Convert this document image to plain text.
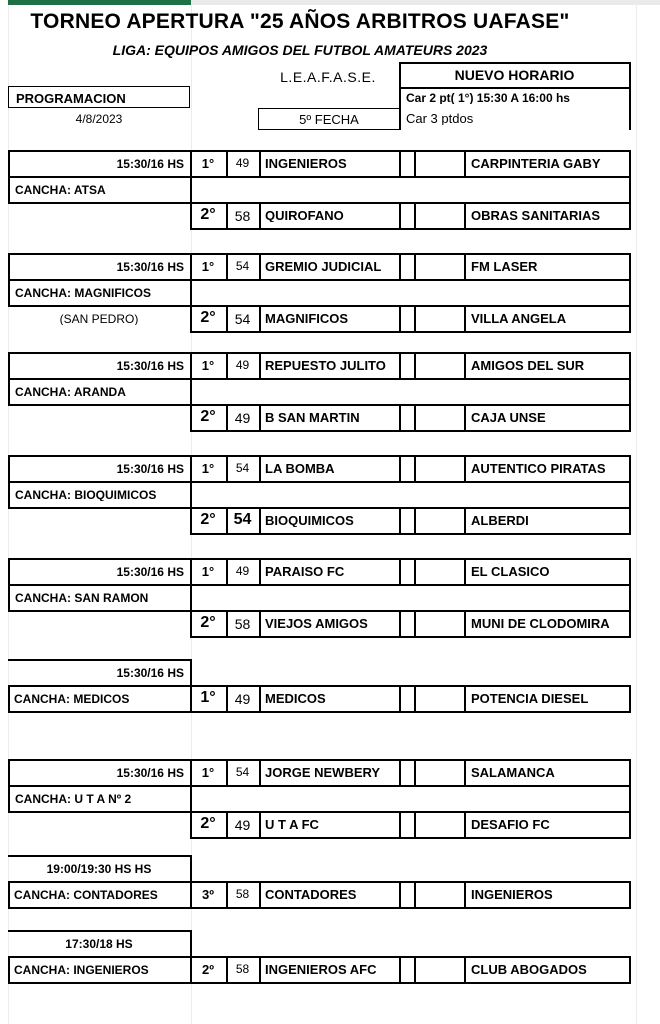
TORNEO APERTURA "25 AÑOS ARBITROS UAFASE"
LIGA: EQUIPOS AMIGOS DEL FUTBOL AMATEURS 2023
L.E.A.F.A.S.E.	NUEVO HORARIO
Car 2 pt( 1°) 15:30 A 16:00 hs
Car 3 ptdos
PROGRAMACION
4/8/2023	5º FECHA
15:30/16 HS	1°	49	INGENIEROS	CARPINTERIA GABY
CANCHA: ATSA
2°	58	QUIROFANO	OBRAS SANITARIAS
15:30/16 HS	1°	54	GREMIO JUDICIAL	FM LASER
CANCHA: MAGNIFICOS
(SAN PEDRO)	2°	54	MAGNIFICOS	VILLA ANGELA
15:30/16 HS	1°	49	REPUESTO JULITO	AMIGOS DEL SUR
CANCHA: ARANDA
2°	49	B SAN MARTIN	CAJA UNSE
15:30/16 HS	1°	54	LA BOMBA	AUTENTICO PIRATAS
CANCHA: BIOQUIMICOS
2°	54	BIOQUIMICOS	ALBERDI
15:30/16 HS	1°	49	PARAISO FC	EL CLASICO
CANCHA: SAN RAMON
2°	58	VIEJOS AMIGOS	MUNI DE CLODOMIRA
15:30/16 HS
CANCHA: MEDICOS	1°	49	MEDICOS	POTENCIA DIESEL
15:30/16 HS	1°	54	JORGE NEWBERY	SALAMANCA
CANCHA: U T A Nº 2
2°	49	U T A FC	DESAFIO FC
19:00/19:30 HS HS
CANCHA: CONTADORES	3º	58	CONTADORES	INGENIEROS
17:30/18 HS
CANCHA: INGENIEROS	2º	58	INGENIEROS AFC	CLUB ABOGADOS
